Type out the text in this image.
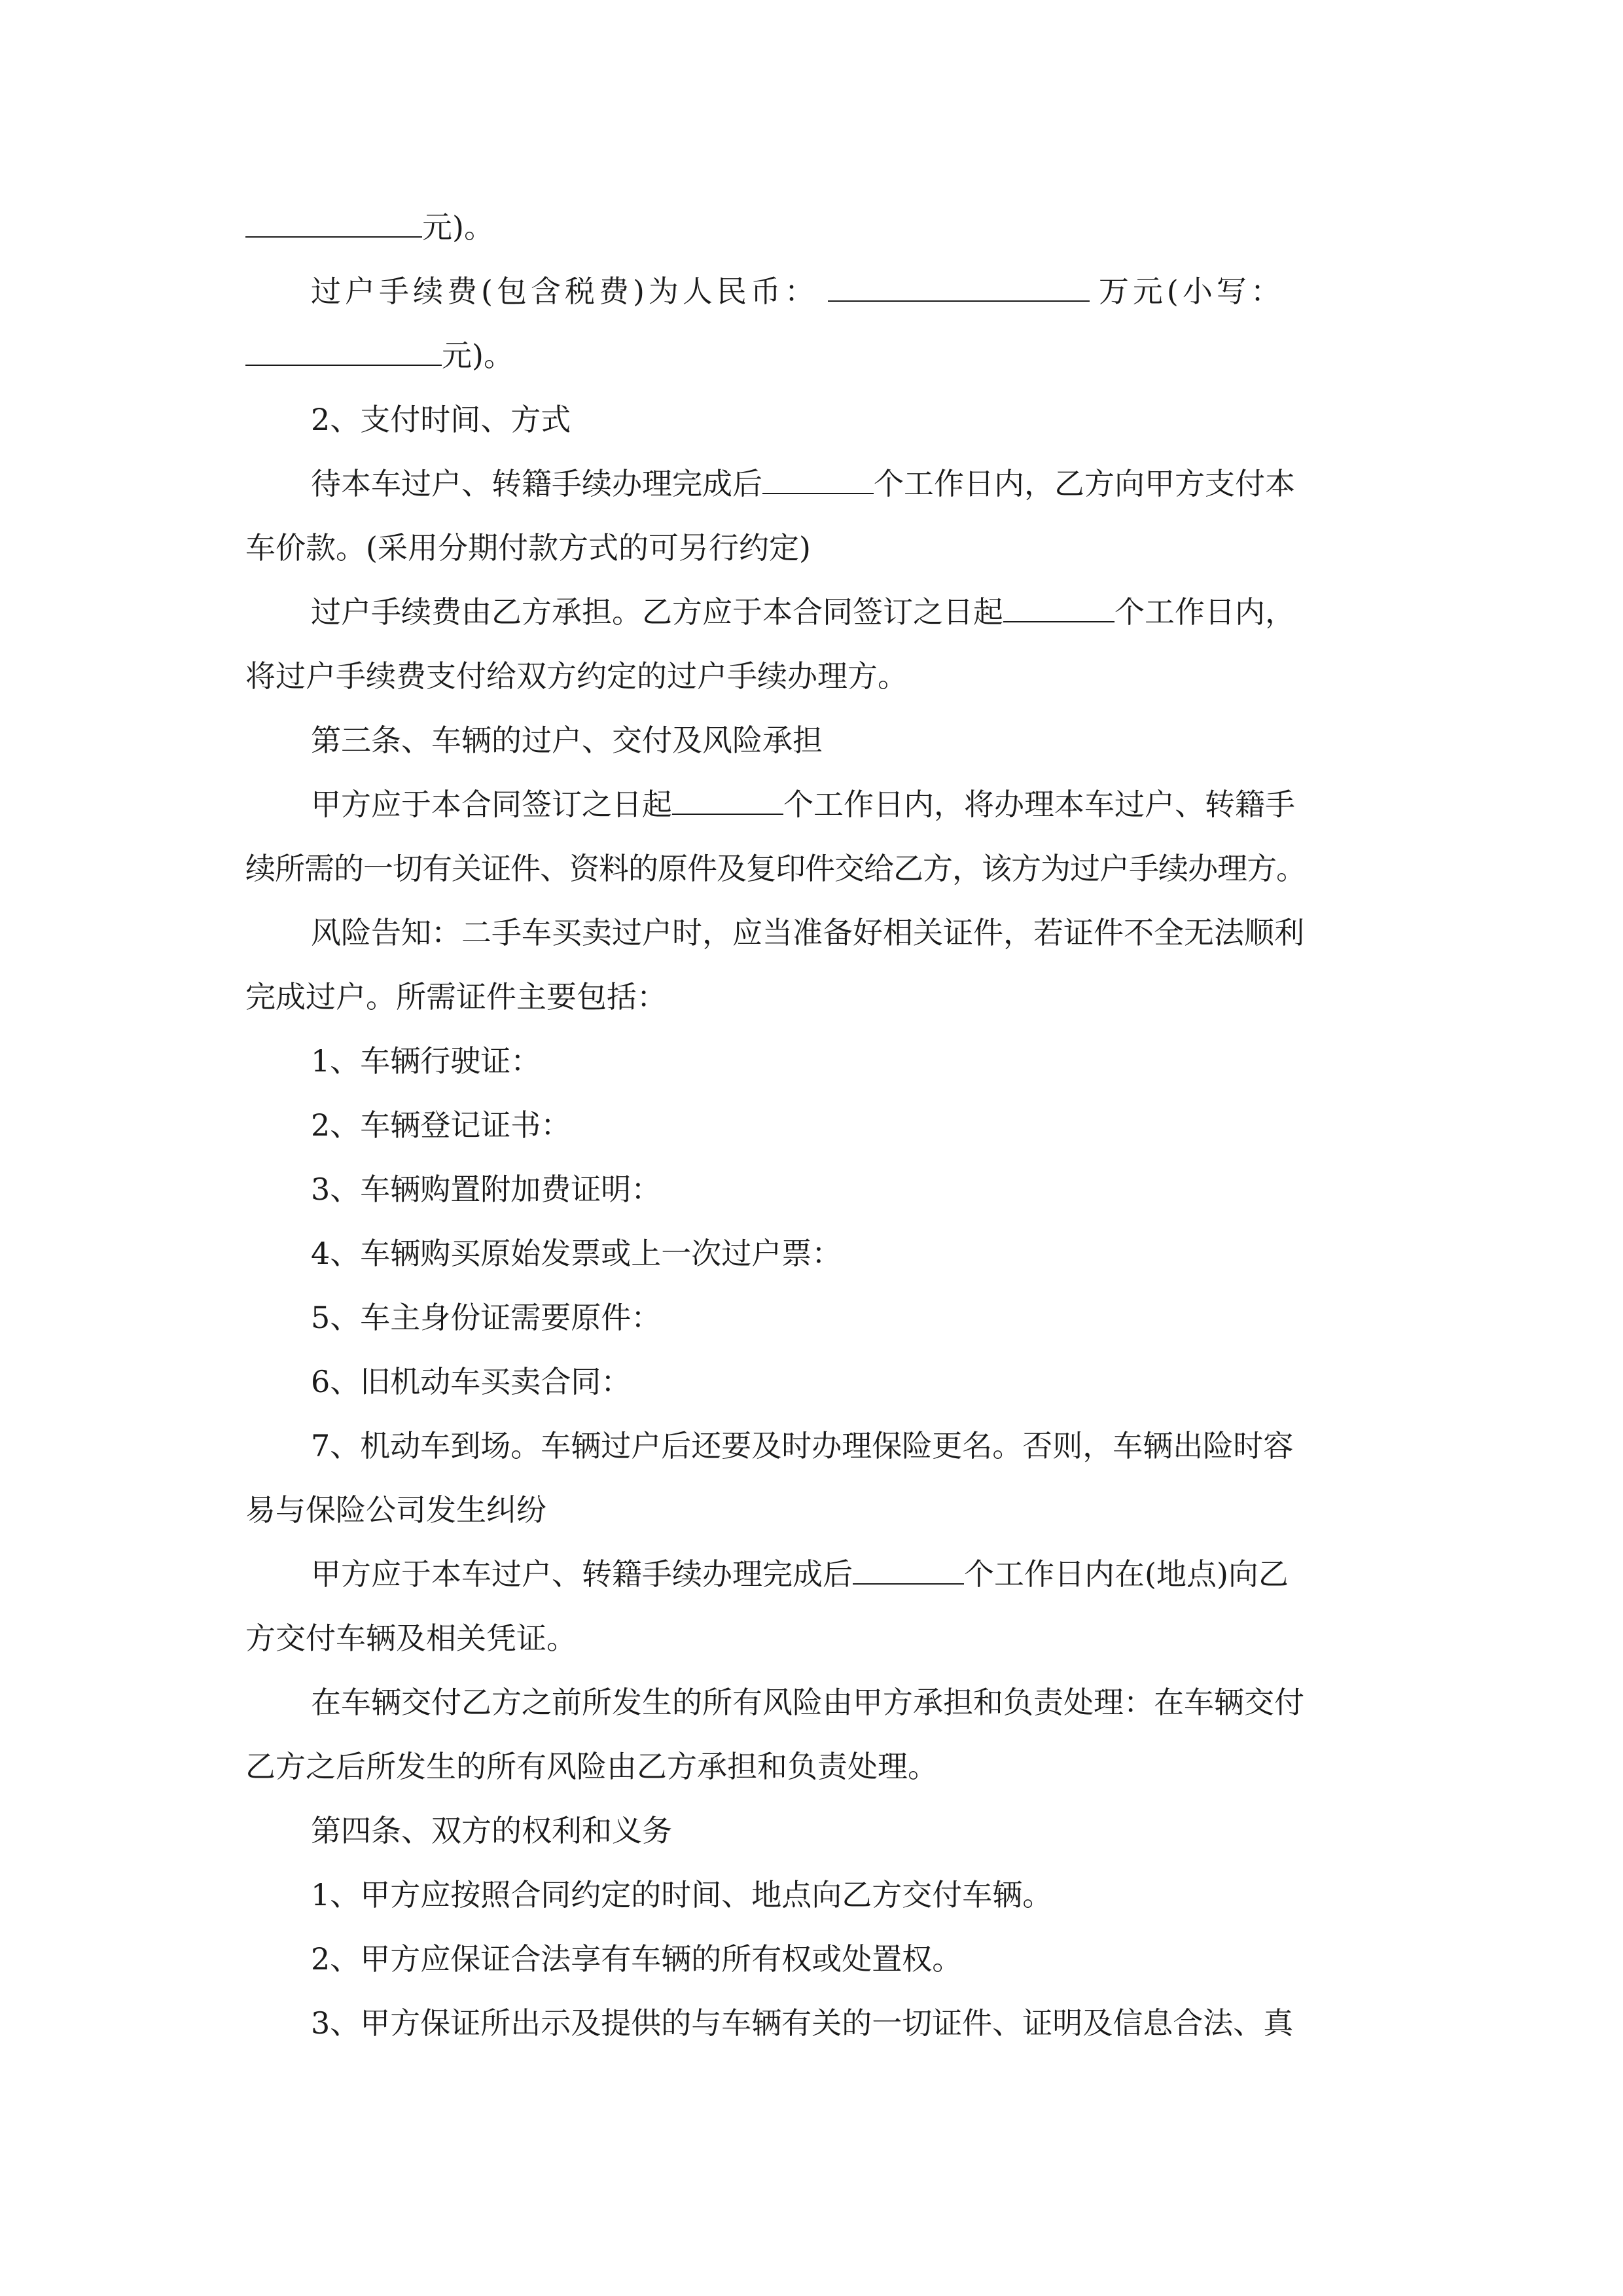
元)。
过户手续费(包含税费)为人民币：	万元(小写：
元)。
2、支付时间、方式
待本车过户、转籍手续办理完成后	个工作日内，乙方向甲方支付本
车价款。(采用分期付款方式的可另行约定)
过户手续费由乙方承担。乙方应于本合同签订之日起	个工作日内，
将过户手续费支付给双方约定的过户手续办理方。
第三条、车辆的过户、交付及风险承担
甲方应于本合同签订之日起	个工作日内，将办理本车过户、转籍手
续所需的一切有关证件、资料的原件及复印件交给乙方，该方为过户手续办理方。
风险告知：二手车买卖过户时，应当准备好相关证件，若证件不全无法顺利
完成过户。所需证件主要包括：
1、车辆行驶证：
2、车辆登记证书：
3、车辆购置附加费证明：
4、车辆购买原始发票或上一次过户票：
5、车主身份证需要原件：
6、旧机动车买卖合同：
7、机动车到场。车辆过户后还要及时办理保险更名。否则，车辆出险时容
易与保险公司发生纠纷
甲方应于本车过户、转籍手续办理完成后	个工作日内在(地点)向乙
方交付车辆及相关凭证。
在车辆交付乙方之前所发生的所有风险由甲方承担和负责处理：在车辆交付
乙方之后所发生的所有风险由乙方承担和负责处理。
第四条、双方的权利和义务
1、甲方应按照合同约定的时间、地点向乙方交付车辆。
2、甲方应保证合法享有车辆的所有权或处置权。
3、甲方保证所出示及提供的与车辆有关的一切证件、证明及信息合法、真
